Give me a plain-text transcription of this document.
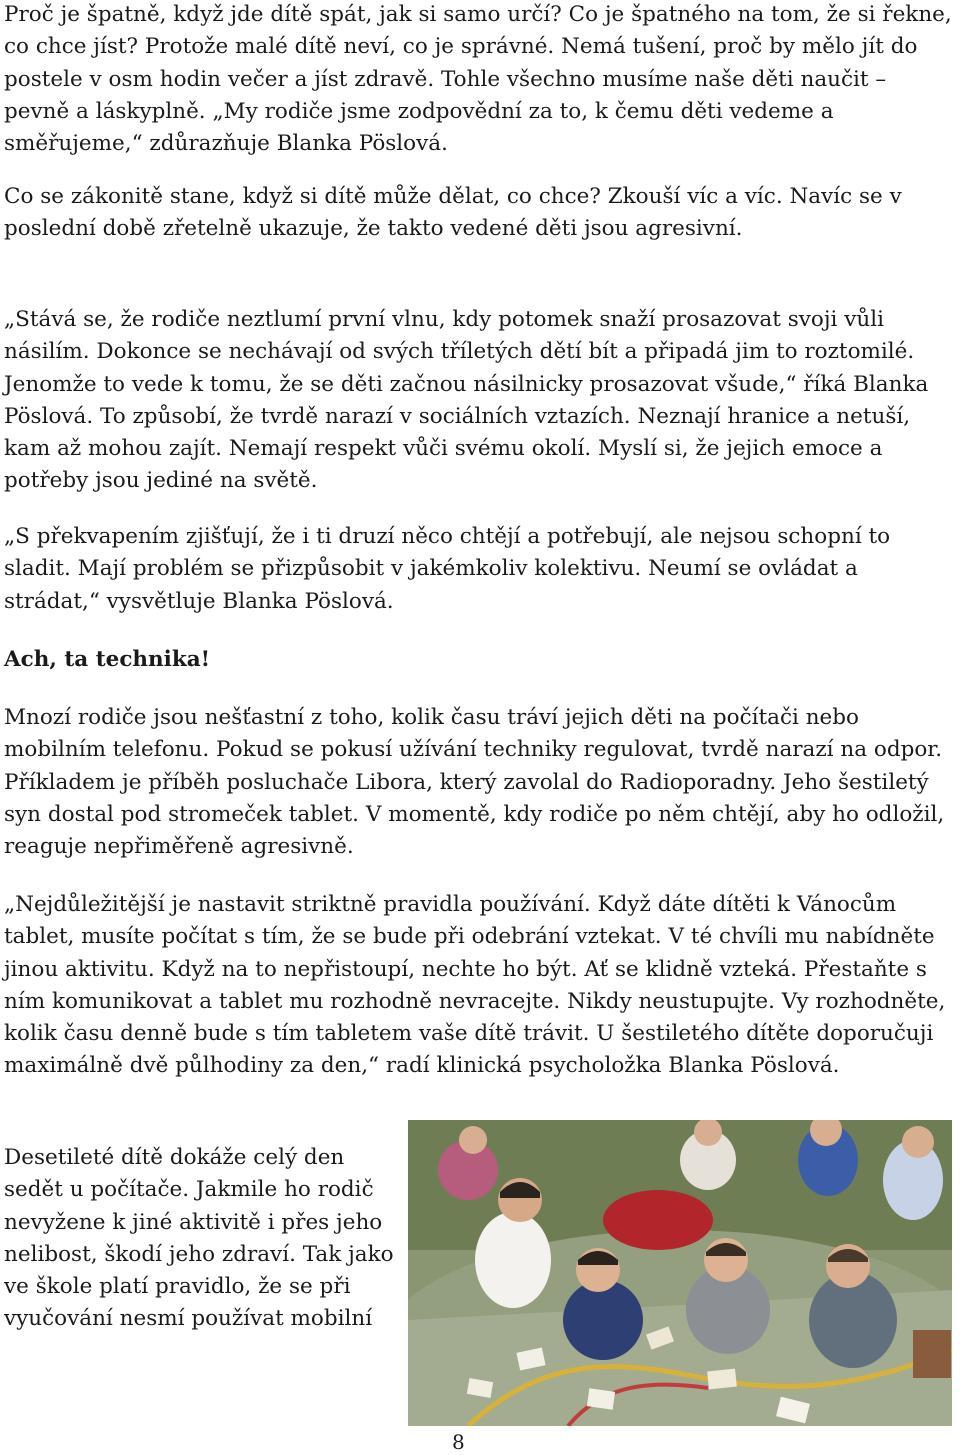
Proč je špatně, když jde dítě spát, jak si samo určí? Co je špatného na tom, že si řekne, co chce jíst? Protože malé dítě neví, co je správné. Nemá tušení, proč by mělo jít do postele v osm hodin večer a jíst zdravě. Tohle všechno musíme naše děti naučit – pevně a láskyplně. „My rodiče jsme zodpovědní za to, k čemu děti vedeme a směřujeme,“ zdůrazňuje Blanka Pöslová.

Co se zákonitě stane, když si dítě může dělat, co chce? Zkouší víc a víc. Navíc se v poslední době zřetelně ukazuje, že takto vedené děti jsou agresivní.

„Stává se, že rodiče neztlumí první vlnu, kdy potomek snaží prosazovat svoji vůli násilím. Dokonce se nechávají od svých tříletých dětí bít a připadá jim to roztomilé. Jenomže to vede k tomu, že se děti začnou násilnicky prosazovat všude,“ říká Blanka Pöslová. To způsobí, že tvrdě narazí v sociálních vztazích. Neznají hranice a netuší, kam až mohou zajít. Nemají respekt vůči svému okolí. Myslí si, že jejich emoce a potřeby jsou jediné na světě.

„S překvapením zjišťují, že i ti druzí něco chtějí a potřebují, ale nejsou schopní to sladit. Mají problém se přizpůsobit v jakémkoliv kolektivu. Neumí se ovládat a strádat,“ vysvětluje Blanka Pöslová.

Ach, ta technika!

Mnozí rodiče jsou nešťastní z toho, kolik času tráví jejich děti na počítači nebo mobilním telefonu. Pokud se pokusí užívání techniky regulovat, tvrdě narazí na odpor. Příkladem je příběh posluchače Libora, který zavolal do Radioporadny. Jeho šestiletý syn dostal pod stromeček tablet. V momentě, kdy rodiče po něm chtějí, aby ho odložil, reaguje nepřiměřeně agresivně.

„Nejdůležitější je nastavit striktně pravidla používání. Když dáte dítěti k Vánocům tablet, musíte počítat s tím, že se bude při odebrání vztekat. V té chvíli mu nabídněte jinou aktivitu. Když na to nepřistoupí, nechte ho být. Ať se klidně vzteká. Přestaňte s ním komunikovat a tablet mu rozhodně nevracejte. Nikdy neustupujte. Vy rozhodněte, kolik času denně bude s tím tabletem vaše dítě trávit. U šestiletého dítěte doporučuji maximálně dvě půlhodiny za den,“ radí klinická psycholožka Blanka Pöslová.

Desetileté dítě dokáže celý den sedět u počítače. Jakmile ho rodič nevyžene k jiné aktivitě i přes jeho nelibost, škodí jeho zdraví. Tak jako ve škole platí pravidlo, že se při vyučování nesmí používat mobilní

8
